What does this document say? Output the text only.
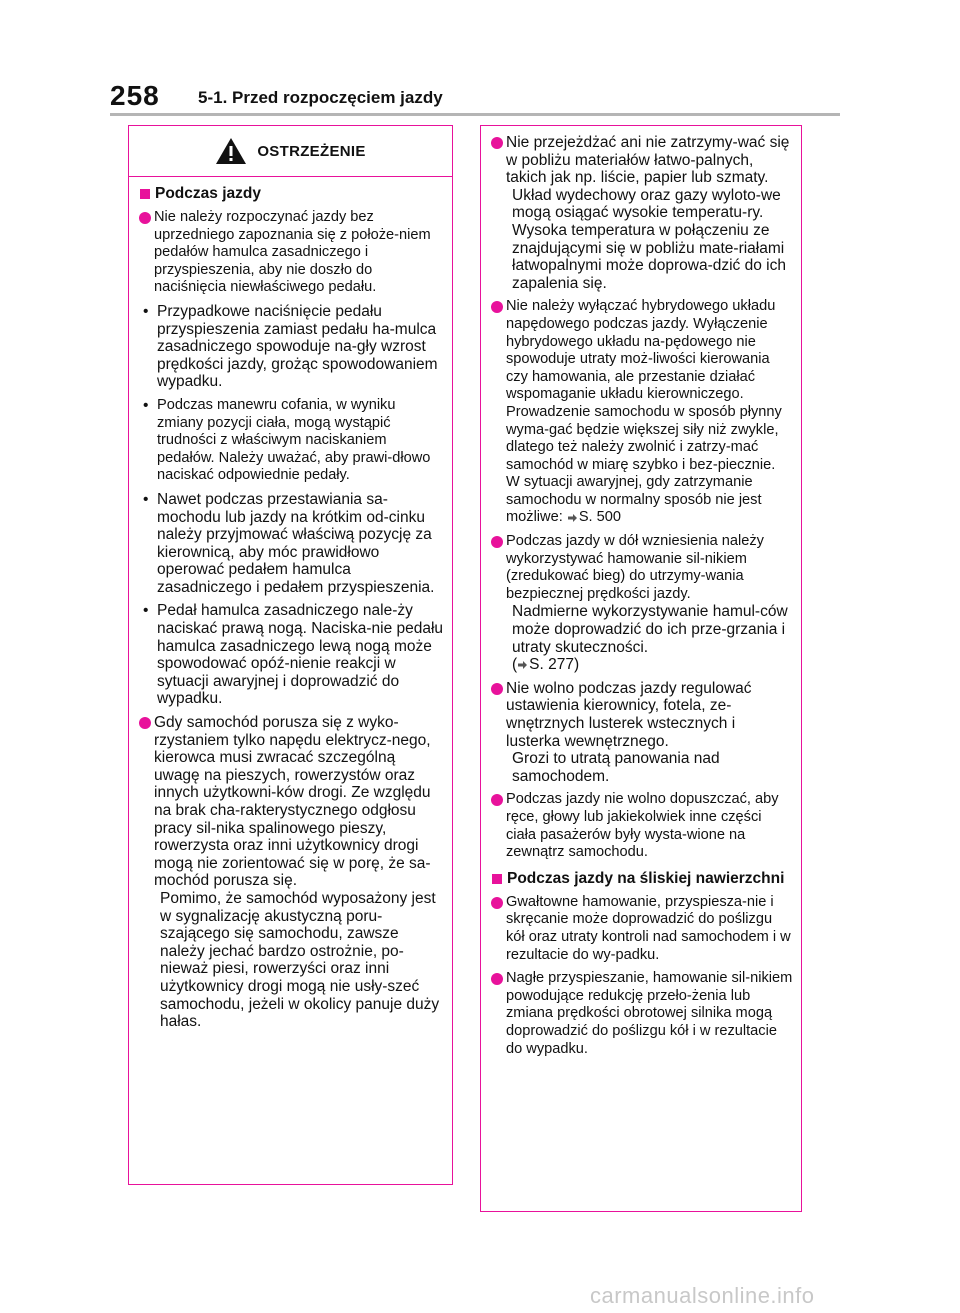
258 5-1. Przed rozpoczęciem jazdy
OSTRZEŻENIE
Podczas jazdy
Nie należy rozpoczynać jazdy bez uprzedniego zapoznania się z położe-niem pedałów hamulca zasadniczego i przyspieszenia, aby nie doszło do naciśnięcia niewłaściwego pedału.
• Przypadkowe naciśnięcie pedału przyspieszenia zamiast pedału ha-mulca zasadniczego spowoduje na-gły wzrost prędkości jazdy, grożąc spowodowaniem wypadku.
• Podczas manewru cofania, w wyniku zmiany pozycji ciała, mogą wystąpić trudności z właściwym naciskaniem pedałów. Należy uważać, aby prawi-dłowo naciskać odpowiednie pedały.
• Nawet podczas przestawiania sa-mochodu lub jazdy na krótkim od-cinku należy przyjmować właściwą pozycję za kierownicą, aby móc prawidłowo operować pedałem hamulca zasadniczego i pedałem przyspieszenia.
• Pedał hamulca zasadniczego nale-ży naciskać prawą nogą. Naciska-nie pedału hamulca zasadniczego lewą nogą może spowodować opóź-nienie reakcji w sytuacji awaryjnej i doprowadzić do wypadku.
Gdy samochód porusza się z wyko-rzystaniem tylko napędu elektrycz-nego, kierowca musi zwracać szczególną uwagę na pieszych, rowerzystów oraz innych użytkowni-ków drogi. Ze względu na brak cha-rakterystycznego odgłosu pracy sil-nika spalinowego pieszy, rowerzysta oraz inni użytkownicy drogi mogą nie zorientować się w porę, że sa-mochód porusza się.
Pomimo, że samochód wyposażony jest w sygnalizację akustyczną poru-szającego się samochodu, zawsze należy jechać bardzo ostrożnie, po-nieważ piesi, rowerzyści oraz inni użytkownicy drogi mogą nie usły-szeć samochodu, jeżeli w okolicy panuje duży hałas.
Nie przejeżdżać ani nie zatrzymy-wać się w pobliżu materiałów łatwo-palnych, takich jak np. liście, papier lub szmaty.
Układ wydechowy oraz gazy wyloto-we mogą osiągać wysokie temperatu-ry. Wysoka temperatura w połączeniu ze znajdującymi się w pobliżu mate-riałami łatwopalnymi może doprowa-dzić do ich zapalenia się.
Nie należy wyłączać hybrydowego układu napędowego podczas jazdy. Wyłączenie hybrydowego układu na-pędowego nie spowoduje utraty moż-liwości kierowania czy hamowania, ale przestanie działać wspomaganie układu kierowniczego. Prowadzenie samochodu w sposób płynny wyma-gać będzie większej siły niż zwykle, dlatego też należy zwolnić i zatrzy-mać samochód w miarę szybko i bez-piecznie. W sytuacji awaryjnej, gdy zatrzymanie samochodu w normalny sposób nie jest możliwe: S. 500
Podczas jazdy w dół wzniesienia należy wykorzystywać hamowanie sil-nikiem (zredukować bieg) do utrzymy-wania bezpiecznej prędkości jazdy.
Nadmierne wykorzystywanie hamul-ców może doprowadzić do ich prze-grzania i utraty skuteczności.
( S. 277)
Nie wolno podczas jazdy regulować ustawienia kierownicy, fotela, ze-wnętrznych lusterek wstecznych i lusterka wewnętrznego.
Grozi to utratą panowania nad samochodem.
Podczas jazdy nie wolno dopuszczać, aby ręce, głowy lub jakiekolwiek inne części ciała pasażerów były wysta-wione na zewnątrz samochodu.
Podczas jazdy na śliskiej nawierzchni
Gwałtowne hamowanie, przyspiesza-nie i skręcanie może doprowadzić do poślizgu kół oraz utraty kontroli nad samochodem i w rezultacie do wy-padku.
Nagłe przyspieszanie, hamowanie sil-nikiem powodujące redukcję przeło-żenia lub zmiana prędkości obrotowej silnika mogą doprowadzić do poślizgu kół i w rezultacie do wypadku.
carmanualsonline.info
